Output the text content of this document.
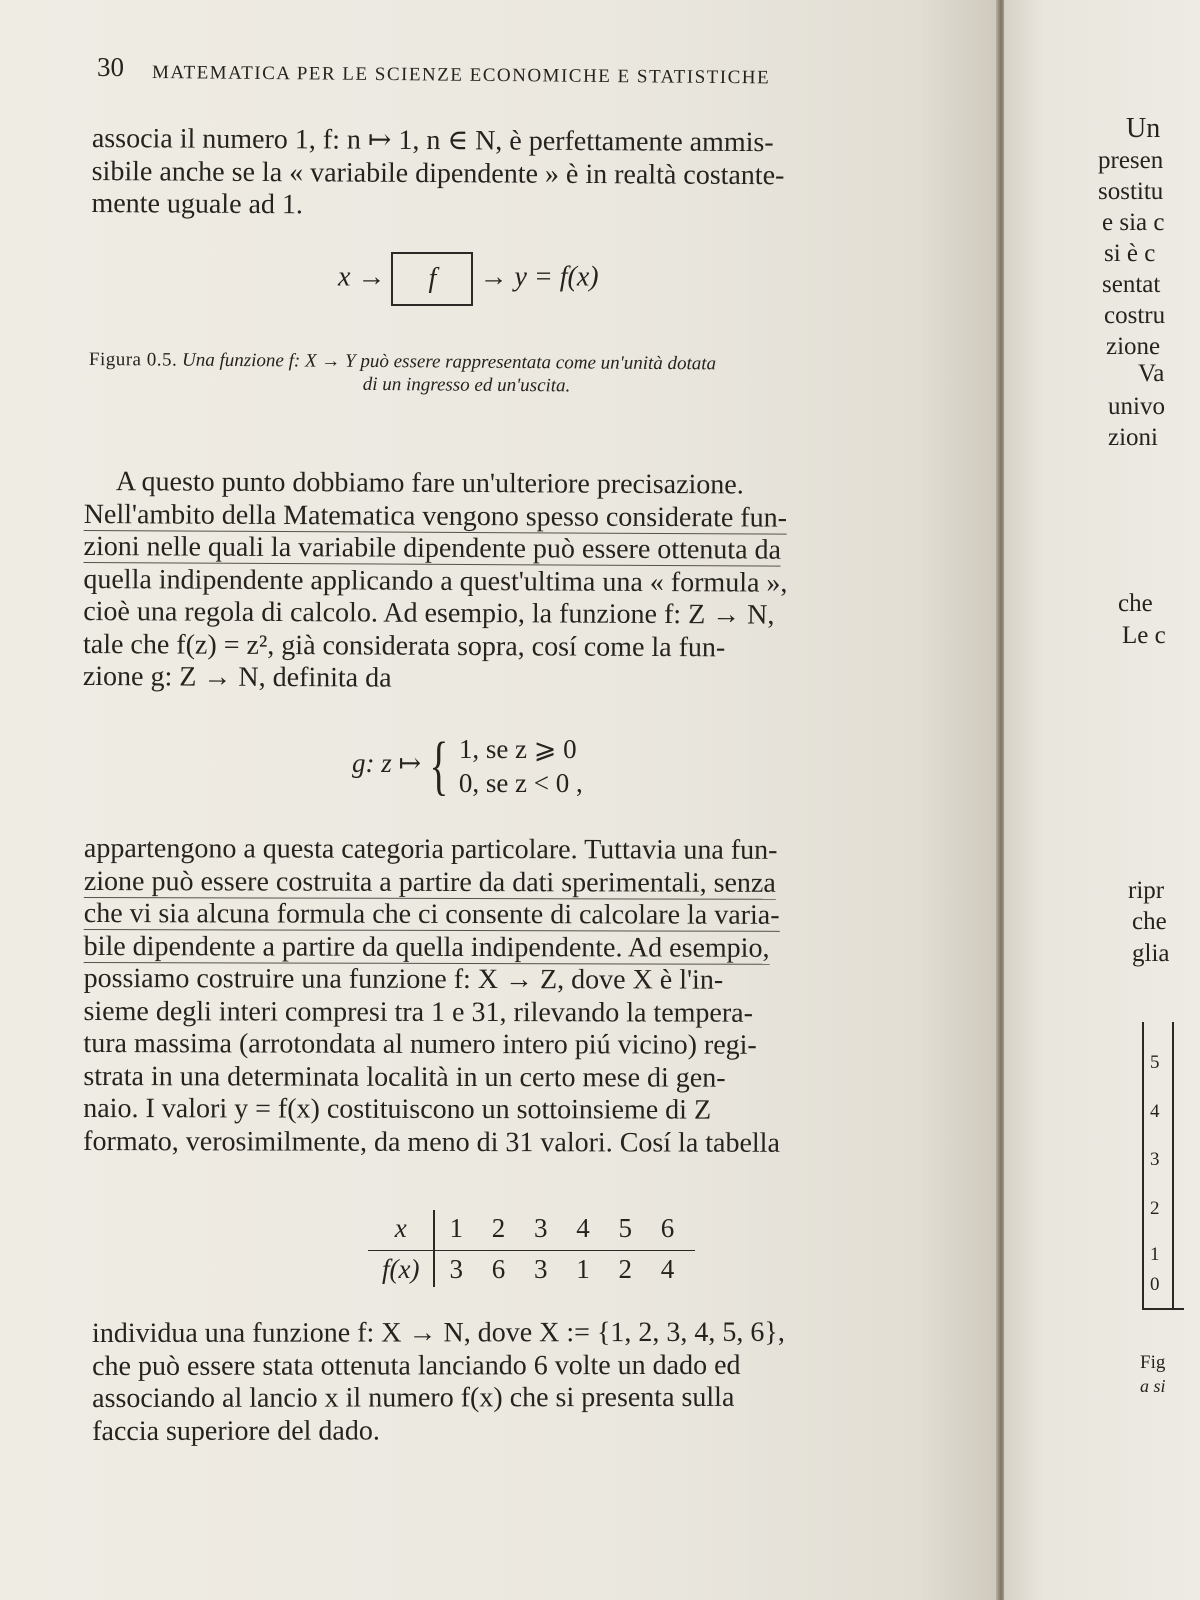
30 MATEMATICA PER LE SCIENZE ECONOMICHE E STATISTICHE
associa il numero 1, f: n ↦ 1, n ∈ N, è perfettamente ammis-
sibile anche se la « variabile dipendente » è in realtà costante-
mente uguale ad 1.
x → f → y = f(x)
Figura 0.5. Una funzione f: X → Y può essere rappresentata come un'unità dotata
di un ingresso ed un'uscita.
A questo punto dobbiamo fare un'ulteriore precisazione.
Nell'ambito della Matematica vengono spesso considerate fun-
zioni nelle quali la variabile dipendente può essere ottenuta da
quella indipendente applicando a quest'ultima una « formula »,
cioè una regola di calcolo. Ad esempio, la funzione f: Z → N,
tale che f(z) = z², già considerata sopra, cosí come la fun-
zione g: Z → N, definita da
g: z ↦ { 1, se z ⩾ 0
0, se z < 0 ,
appartengono a questa categoria particolare. Tuttavia una fun-
zione può essere costruita a partire da dati sperimentali, senza
che vi sia alcuna formula che ci consente di calcolare la varia-
bile dipendente a partire da quella indipendente. Ad esempio,
possiamo costruire una funzione f: X → Z, dove X è l'in-
sieme degli interi compresi tra 1 e 31, rilevando la tempera-
tura massima (arrotondata al numero intero piú vicino) regi-
strata in una determinata località in un certo mese di gen-
naio. I valori y = f(x) costituiscono un sottoinsieme di Z
formato, verosimilmente, da meno di 31 valori. Cosí la tabella
x	1 2 3 4 5 6
f(x)	3 6 3 1 2 4
individua una funzione f: X → N, dove X := {1, 2, 3, 4, 5, 6},
che può essere stata ottenuta lanciando 6 volte un dado ed
associando al lancio x il numero f(x) che si presenta sulla
faccia superiore del dado.
Un
presen
sostitu
e sia c
si è c
sentat
costru
zione
Va
univo
zioni
che
Le c
ripr
che
glia
5
4
3
2
1
0
Fig
a si
